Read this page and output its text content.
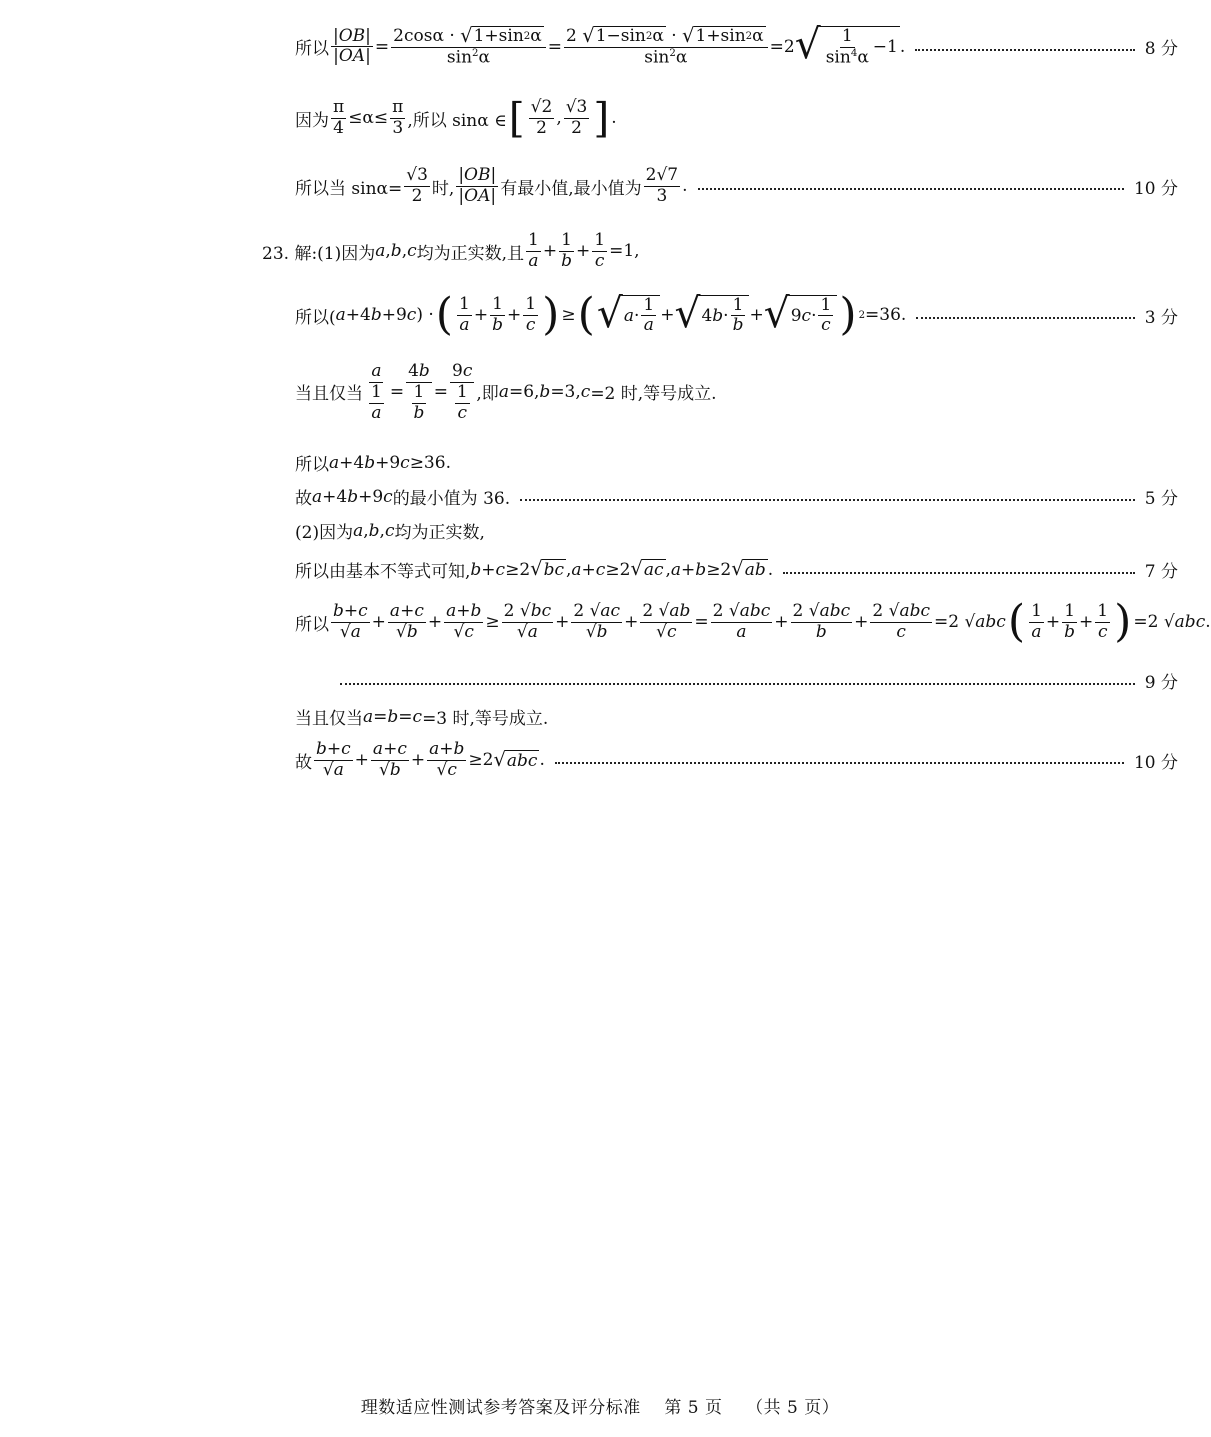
所以 $\frac{|OB|}{|OA|} = \frac{2\cos\alpha \cdot √ 1+\sin 2 \alpha}{\sin^2\alpha} = \frac{2 √ 1-\sin 2 \alpha \cdot √ 1+\sin 2 \alpha}{\sin^2\alpha} =2$ √ $\frac{1}{\sin^4\alpha} -1$ .	8 分
因为 $\frac{\pi}{4} \le\alpha\le \frac{\pi}{3}$ ,所以 sinα ∈ [ $\frac{√2}{2}$ , $\frac{√3}{2}$ ] .
所以当 $\sin\alpha= \frac{√3}{2}$ 时, $\frac{|OB|}{|OA|}$ 有最小值,最小值为 $\frac{2√7}{3}$ .	10 分
23. 解:(1)因为 a , b , c 均为正实数,且 $\frac{1}{a} + \frac{1}{b} + \frac{1}{c} =1$,
所以( a +4 b +9 c ) · ( $\frac{1}{a} + \frac{1}{b} + \frac{1}{c}$ ) ≥ ( √ $a \cdot \frac{1}{a}$ + √ 4 $b \cdot \frac{1}{b}$ + √ 9 $c \cdot \frac{1}{c}$ ) 2 =36.	3 分
当且仅当 $\frac{a}{\frac{1}{a}} = \frac{4b}{\frac{1}{b}} = \frac{9c}{\frac{1}{c}}$ ,即 a =6, b =3, c =2 时,等号成立.
所以 a +4 b +9 c ≥36.
故 a +4 b +9 c 的最小值为 36.	5 分
(2)因为 a , b , c 均为正实数,
所以由基本不等式可知, b + c ≥2 √ bc , a + c ≥2 √ ac , a + b ≥2 √ ab .	7 分
所以 $\frac{b+c}{√a} + \frac{a+c}{√b} + \frac{a+b}{√c} \ge \frac{2 √bc}{√a} + \frac{2 √ac}{√b} + \frac{2 √ab}{√c} = \frac{\text{2 √abc}}{a} + \frac{\text{2 √abc}}{b} + \frac{\text{2 √abc}}{c} =2$ √ abc ( $\frac{1}{a} + \frac{1}{b} + \frac{1}{c}$ ) =2 √ abc .
9 分
当且仅当 a = b = c =3 时,等号成立.
故 $\frac{b+c}{√a} + \frac{a+c}{√b} + \frac{a+b}{√c} \ge 2$ √ abc .	10 分
理数适应性测试参考答案及评分标准 第 5 页 （共 5 页）
